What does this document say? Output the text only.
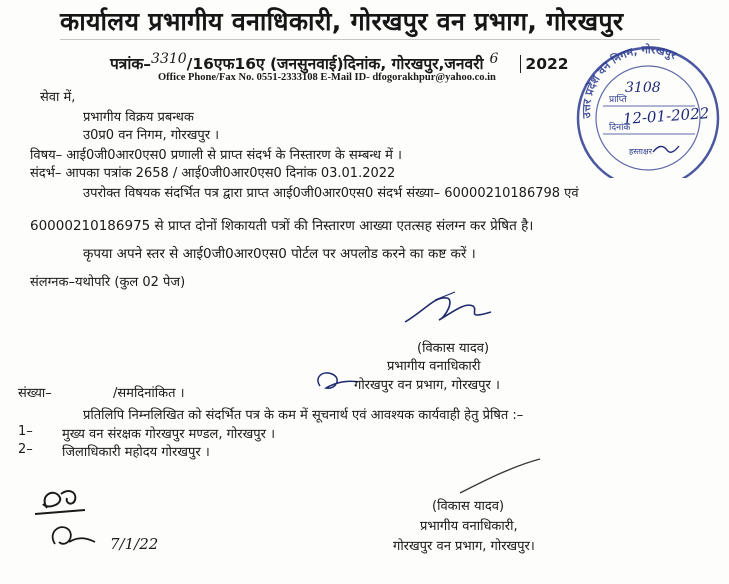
कार्यालय प्रभागीय वनाधिकारी, गोरखपुर वन प्रभाग, गोरखपुर
पत्रांक–3310/16एफ16ए (जनसुनवाई)दिनांक, गोरखपुर,जनवरी 6 2022
Office Phone/Fax No. 0551-2333108 E-Mail ID- dfogorakhpur@yahoo.co.in
उत्तर प्रदेश वन निगम, गोरखपुर
प्राप्ति
3108
दिनांक
12-01-2022
हस्ताक्षर
सेवा में,
प्रभागीय विक्रय प्रबन्धक
उ0प्र0 वन निगम, गोरखपुर ।
विषय– आई0जी0आर0एस0 प्रणाली से प्राप्त संदर्भ के निस्तारण के सम्बन्ध में ।
संदर्भ– आपका पत्रांक 2658 / आई0जी0आर0एस0 दिनांक 03.01.2022
उपरोक्त विषयक संदर्भित पत्र द्वारा प्राप्त आई0जी0आर0एस0 संदर्भ संख्या– 60000210186798 एवं
60000210186975 से प्राप्त दोनों शिकायती पत्रों की निस्तारण आख्या एतत्सह संलग्न कर प्रेषित है।
कृपया अपने स्तर से आई0जी0आर0एस0 पोर्टल पर अपलोड करने का कष्ट करें ।
संलग्नक–यथोपरि (कुल 02 पेज)
(विकास यादव)
प्रभागीय वनाधिकारी
गोरखपुर वन प्रभाग, गोरखपुर ।
संख्या–	/समदिनांकित ।
प्रतिलिपि निम्नलिखित को संदर्भित पत्र के कम में सूचनार्थ एवं आवश्यक कार्यवाही हेतु प्रेषित :–
1– मुख्य वन संरक्षक गोरखपुर मण्डल, गोरखपुर ।
2– जिलाधिकारी महोदय गोरखपुर ।
(विकास यादव)
प्रभागीय वनाधिकारी,
गोरखपुर वन प्रभाग, गोरखपुर।
7/1/22
